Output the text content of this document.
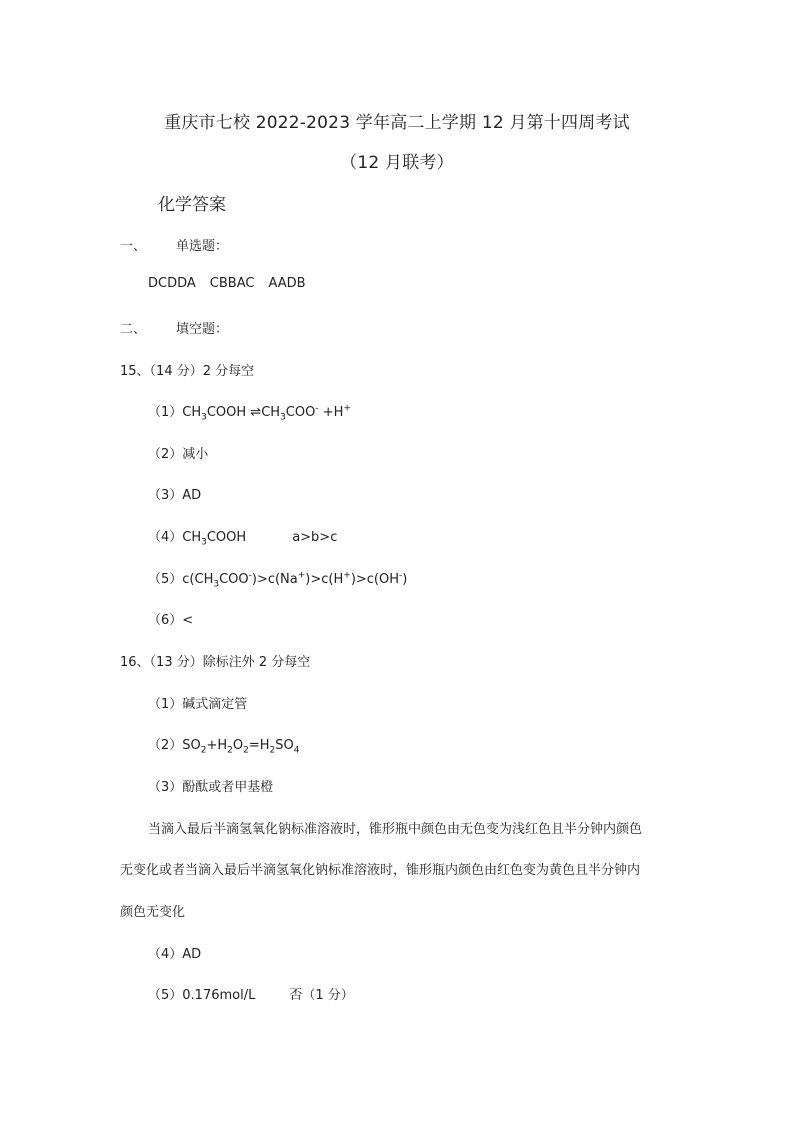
重庆市七校 2022-2023 学年高二上学期 12 月第十四周考试
（12 月联考）
化学答案
一、 单选题：
DCDDA CBBAC AADB
二、 填空题：
15、（14 分）2 分每空
$(1)CH_3COOH$ $\rightleftharpoons CH_3COO^- +H^+$
（2）减小
（3）AD
$(4)CH_3COOH$	a>b>c
$(5)c(CH_3COO^-)>c(Na^+)>c(H^+)>c(OH^-)$
（6）<
16、（13 分）除标注外 2 分每空
（1）碱式滴定管
$(2)SO_2+H_2O_2=H_2SO_4$
（3）酚酞或者甲基橙
当滴入最后半滴氢氧化钠标准溶液时，锥形瓶中颜色由无色变为浅红色且半分钟内颜色
无变化或者当滴入最后半滴氢氧化钠标准溶液时，锥形瓶内颜色由红色变为黄色且半分钟内
颜色无变化
（4）AD
（5）0.176mol/L	否（1 分）
